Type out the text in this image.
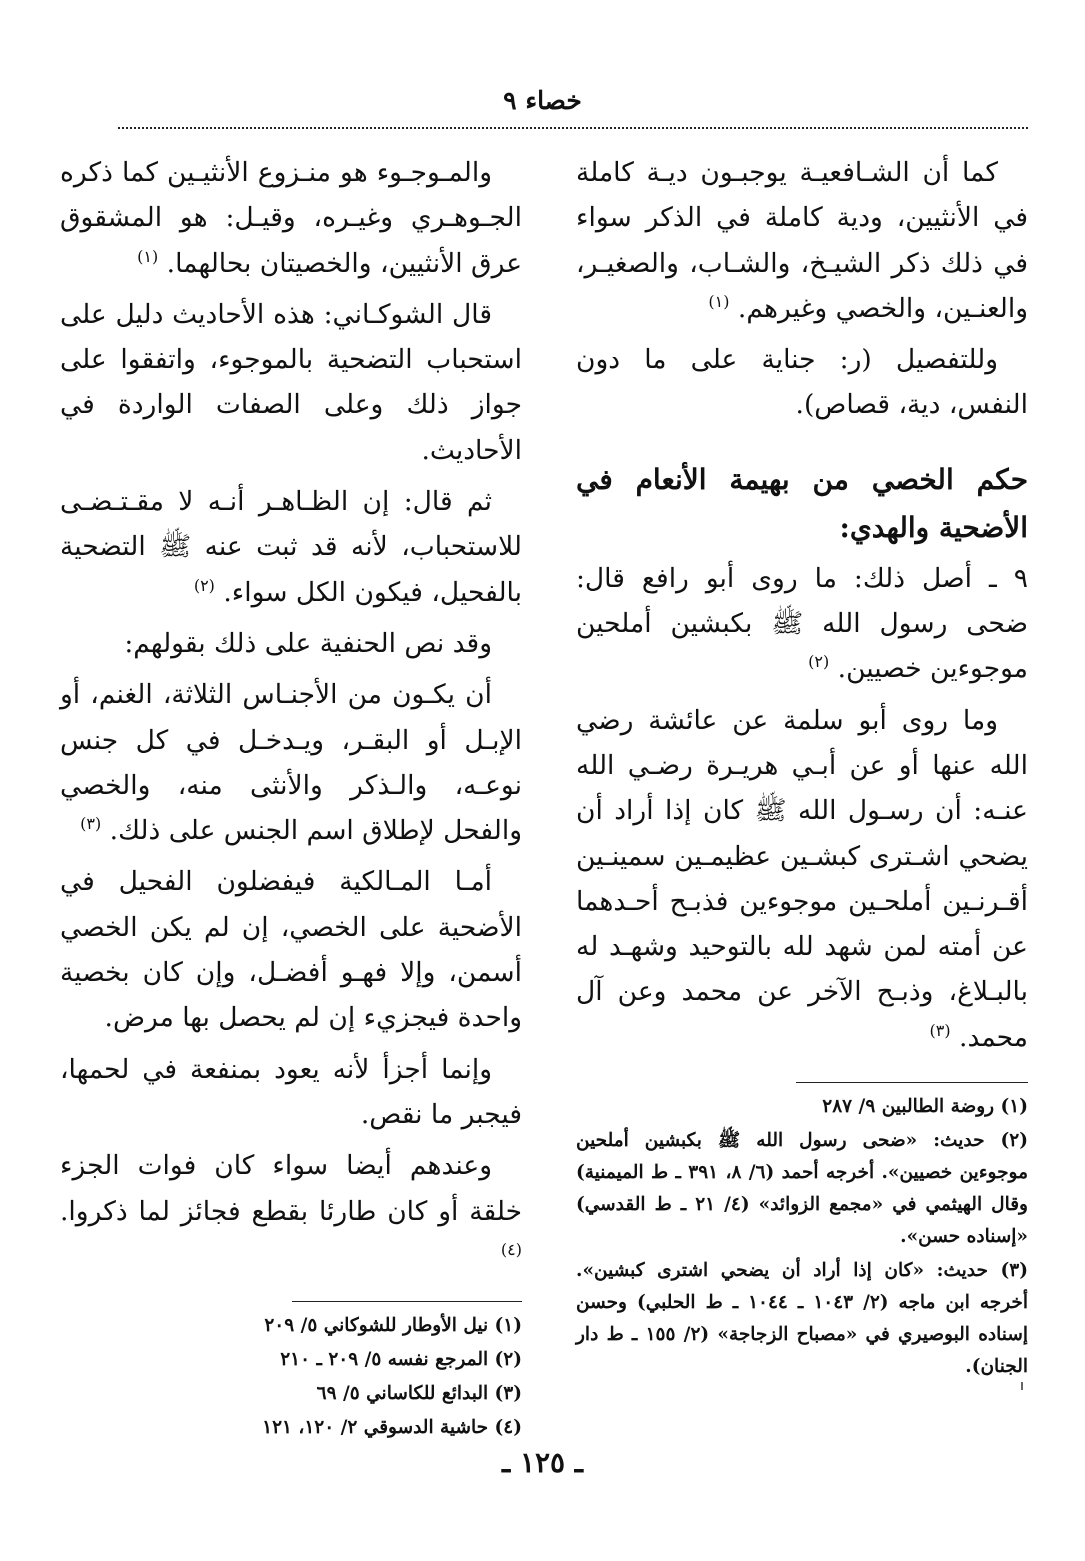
خصاء ٩

كما أن الشـافعيـة يوجبـون ديـة كاملة في الأنثيين، ودية كاملة في الذكر سواء في ذلك ذكر الشيـخ، والشـاب، والصغيـر، والعنـين، والخصي وغيرهم. $^{(١)}$

وللتفصيل (ر: جناية على ما دون النفس، دية، قصاص).

حكم الخصي من بهيمة الأنعام في الأضحية والهدي:

٩ ـ أصل ذلك: ما روى أبو رافع قال: ضحى رسول الله ﷺ بكبشين أملحين موجوءين خصيين. $^{(٢)}$

وما روى أبو سلمة عن عائشة رضي الله عنها أو عن أبـي هريـرة رضـي الله عنـه: أن رسـول الله ﷺ كان إذا أراد أن يضحي اشـترى كبشـين عظيمـين سمينـين أقـرنـين أملحـين موجوءين فذبـح أحـدهما عن أمته لمن شهد لله بالتوحيد وشهـد له بالبـلاغ، وذبـح الآخر عن محمد وعن آل محمد. $^{(٣)}$

(١) روضة الطالبين ٩/ ٢٨٧

(٢) حديث: «ضحى رسول الله ﷺ بكبشين أملحين موجوءين خصيين». أخرجه أحمد (٦/ ٨، ٣٩١ ـ ط الميمنية) وقال الهيثمي في «مجمع الزوائد» (٤/ ٢١ ـ ط القدسي) «إسناده حسن».

(٣) حديث: «كان إذا أراد أن يضحي اشترى كبشين». أخرجه ابن ماجه (٢/ ١٠٤٣ ـ ١٠٤٤ ـ ط الحلبي) وحسن إسناده البوصيري في «مصباح الزجاجة» (٢/ ١٥٥ ـ ط دار الجنان).

والمـوجـوء هو منـزوع الأنثيـين كما ذكره الجـوهـري وغيـره، وقيـل: هو المشقوق عرق الأنثيين، والخصيتان بحالهما. $^{(١)}$

قال الشوكـاني: هذه الأحاديث دليل على استحباب التضحية بالموجوء، واتفقوا على جواز ذلك وعلى الصفات الواردة في الأحاديث.

ثم قال: إن الظـاهـر أنـه لا مقـتـضـى للاستحباب، لأنه قد ثبت عنه ﷺ التضحية بالفحيل، فيكون الكل سواء. $^{(٢)}$

وقد نص الحنفية على ذلك بقولهم:

أن يكـون من الأجنـاس الثلاثة، الغنم، أو الإبـل أو البقـر، ويـدخـل في كل جنس نوعـه، والـذكر والأنثى منه، والخصي والفحل لإطلاق اسم الجنس على ذلك. $^{(٣)}$

أمـا المـالكية فيفضلون الفحيل في الأضحية على الخصي، إن لم يكن الخصي أسمن، وإلا فهـو أفضـل، وإن كان بخصية واحدة فيجزيء إن لم يحصل بها مرض.

وإنما أجزأ لأنه يعود بمنفعة في لحمها، فيجبر ما نقص.

وعندهم أيضا سواء كان فوات الجزء خلقة أو كان طارئا بقطع فجائز لما ذكروا. $^{(٤)}$

(١) نيل الأوطار للشوكاني ٥/ ٢٠٩

(٢) المرجع نفسه ٥/ ٢٠٩ ـ ٢١٠

(٣) البدائع للكاساني ٥/ ٦٩

(٤) حاشية الدسوقي ٢/ ١٢٠، ١٢١

ـ ١٢٥ ـ
